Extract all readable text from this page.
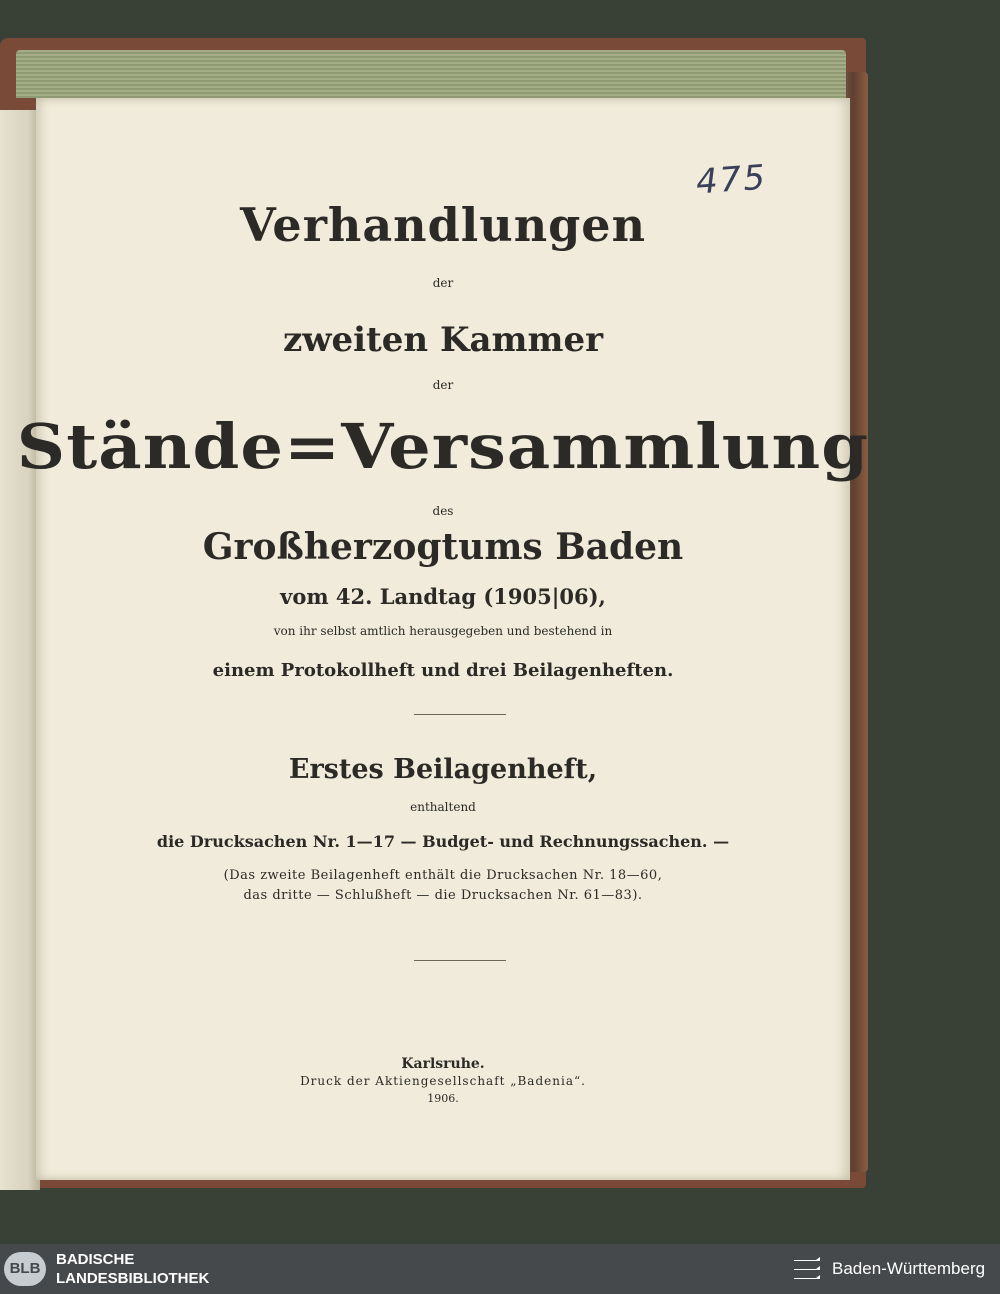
475
Verhandlungen
der
zweiten Kammer
der
Stände=Versammlung
des
Großherzogtums Baden
vom 42. Landtag (1905|06),
von ihr selbst amtlich herausgegeben und bestehend in
einem Protokollheft und drei Beilagenheften.
Erstes Beilagenheft,
enthaltend
die Drucksachen Nr. 1—17 — Budget- und Rechnungssachen. —
(Das zweite Beilagenheft enthält die Drucksachen Nr. 18—60,
das dritte — Schlußheft — die Drucksachen Nr. 61—83).
Karlsruhe.
Druck der Aktiengesellschaft „Badenia“.
1906.
BLB
BADISCHE
LANDESBIBLIOTHEK
Baden-Württemberg
